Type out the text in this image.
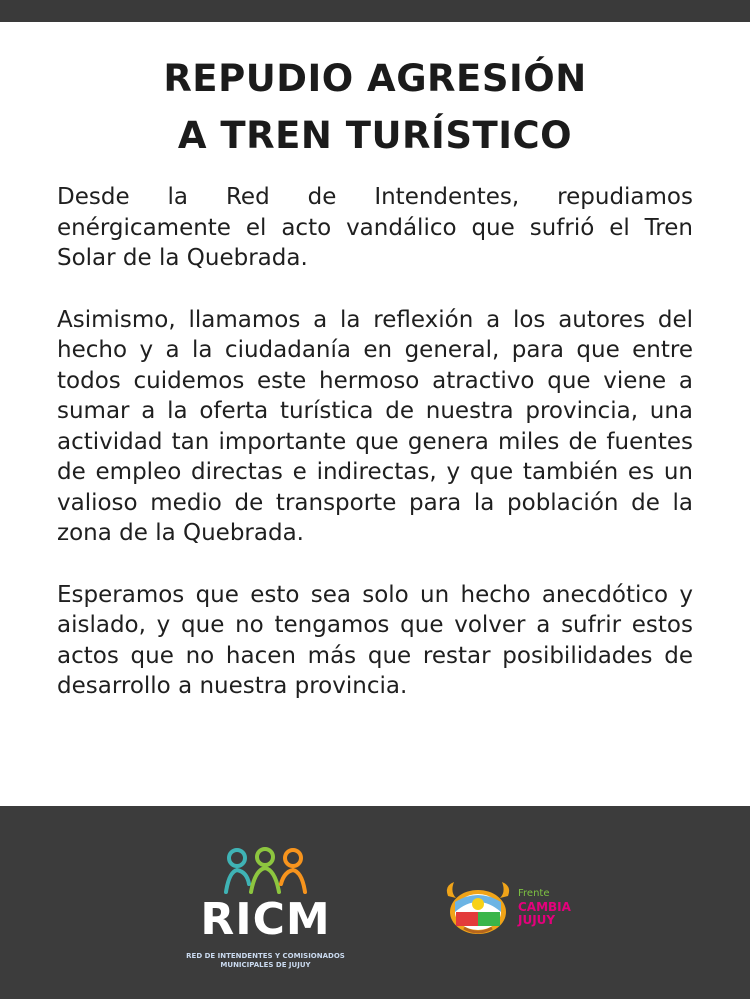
REPUDIO AGRESIÓN
A TREN TURÍSTICO

Desde la Red de Intendentes, repudiamos enérgicamente el acto vandálico que sufrió el Tren Solar de la Quebrada.

Asimismo, llamamos a la reflexión a los autores del hecho y a la ciudadanía en general, para que entre todos cuidemos este hermoso atractivo que viene a sumar a la oferta turística de nuestra provincia, una actividad tan importante que genera miles de fuentes de empleo directas e indirectas, y que también es un valioso medio de transporte para la población de la zona de la Quebrada.

Esperamos que esto sea solo un hecho anecdótico y aislado, y que no tengamos que volver a sufrir estos actos que no hacen más que restar posibilidades de desarrollo a nuestra provincia.

RICM
RED DE INTENDENTES Y COMISIONADOS
MUNICIPALES DE JUJUY
Frente
CAMBIA
JUJUY
